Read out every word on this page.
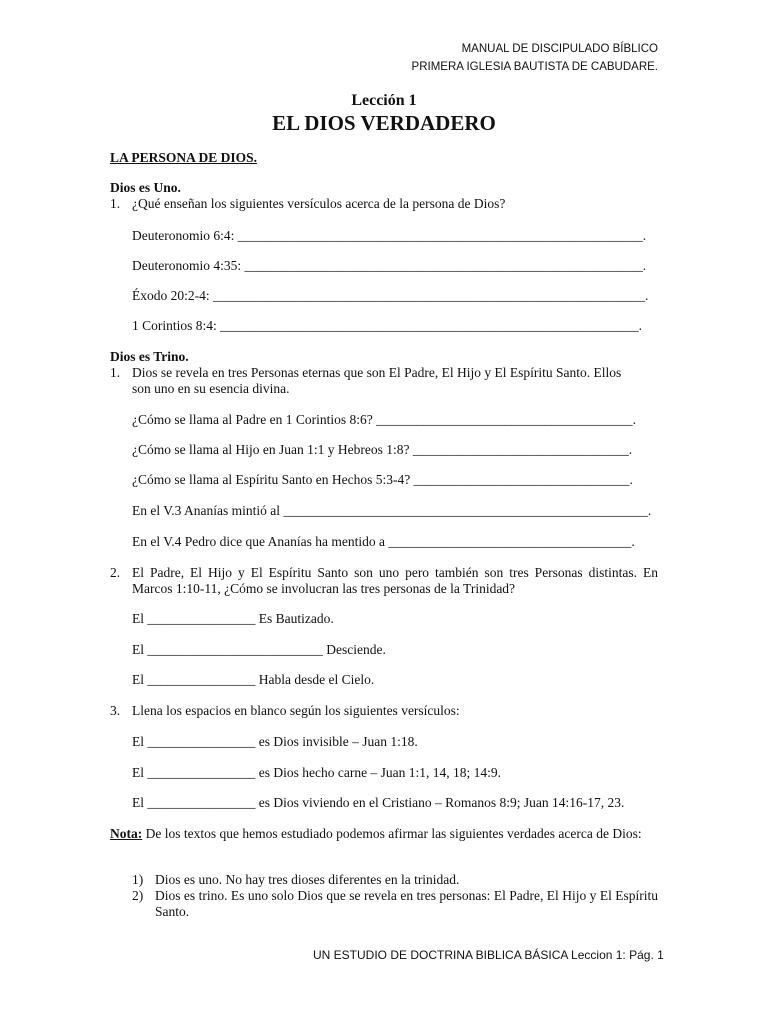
MANUAL DE DISCIPULADO BÍBLICO
PRIMERA IGLESIA BAUTISTA DE CABUDARE.
Lección 1
EL DIOS VERDADERO
LA PERSONA DE DIOS.
Dios es Uno.
1. ¿Qué enseñan los siguientes versículos acerca de la persona de Dios?
Deuteronomio 6:4: ____________________________________________________________.
Deuteronomio 4:35: ___________________________________________________________.
Éxodo 20:2-4: ________________________________________________________________.
1 Corintios 8:4: ______________________________________________________________.
Dios es Trino.
1. Dios se revela en tres Personas eternas que son El Padre, El Hijo y El Espíritu Santo. Ellos
son uno en su esencia divina.
¿Cómo se llama al Padre en 1 Corintios 8:6? ______________________________________.
¿Cómo se llama al Hijo en Juan 1:1 y Hebreos 1:8? ________________________________.
¿Cómo se llama al Espíritu Santo en Hechos 5:3-4? ________________________________.
En el V.3 Ananías mintió al ______________________________________________________.
En el V.4 Pedro dice que Ananías ha mentido a ____________________________________.
2. El Padre, El Hijo y El Espíritu Santo son uno pero también son tres Personas distintas. En Marcos 1:10-11, ¿Cómo se involucran las tres personas de la Trinidad?
El ________________ Es Bautizado.
El __________________________ Desciende.
El ________________ Habla desde el Cielo.
3. Llena los espacios en blanco según los siguientes versículos:
El ________________ es Dios invisible – Juan 1:18.
El ________________ es Dios hecho carne – Juan 1:1, 14, 18; 14:9.
El ________________ es Dios viviendo en el Cristiano – Romanos 8:9; Juan 14:16-17, 23.
Nota: De los textos que hemos estudiado podemos afirmar las siguientes verdades acerca de Dios:
1) Dios es uno. No hay tres dioses diferentes en la trinidad.
2) Dios es trino. Es uno solo Dios que se revela en tres personas: El Padre, El Hijo y El Espíritu Santo.
UN ESTUDIO DE DOCTRINA BIBLICA BÁSICA Leccion 1: Pág. 1
